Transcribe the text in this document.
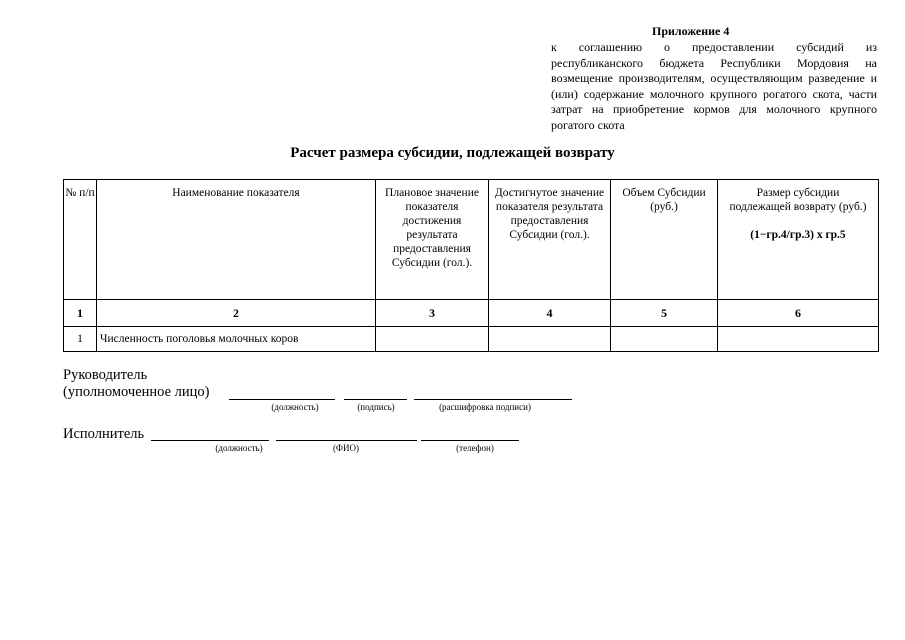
Приложение 4
к соглашению о предоставлении субсидий из республиканского бюджета Республики Мордовия на возмещение производителям, осуществляющим разведение и (или) содержание молочного крупного рогатого скота, части затрат на приобретение кормов для молочного крупного рогатого скота
Расчет размера субсидии, подлежащей возврату
№ п/п	Наименование показателя	Плановое значение показателя достижения результата предоставления Субсидии (гол.).	Достигнутое значение показателя результата предоставления Субсидии (гол.).	Объем Субсидии (руб.)	Размер субсидии подлежащей возврату (руб.)
(1−гр.4/гр.3) х гр.5

1	2	3	4	5	6
1	Численность поголовья молочных коров				
Руководитель
(уполномоченное лицо)
(должность)	(подпись)	(расшифровка подписи)
Исполнитель
(должность)	(ФИО)	(телефон)
